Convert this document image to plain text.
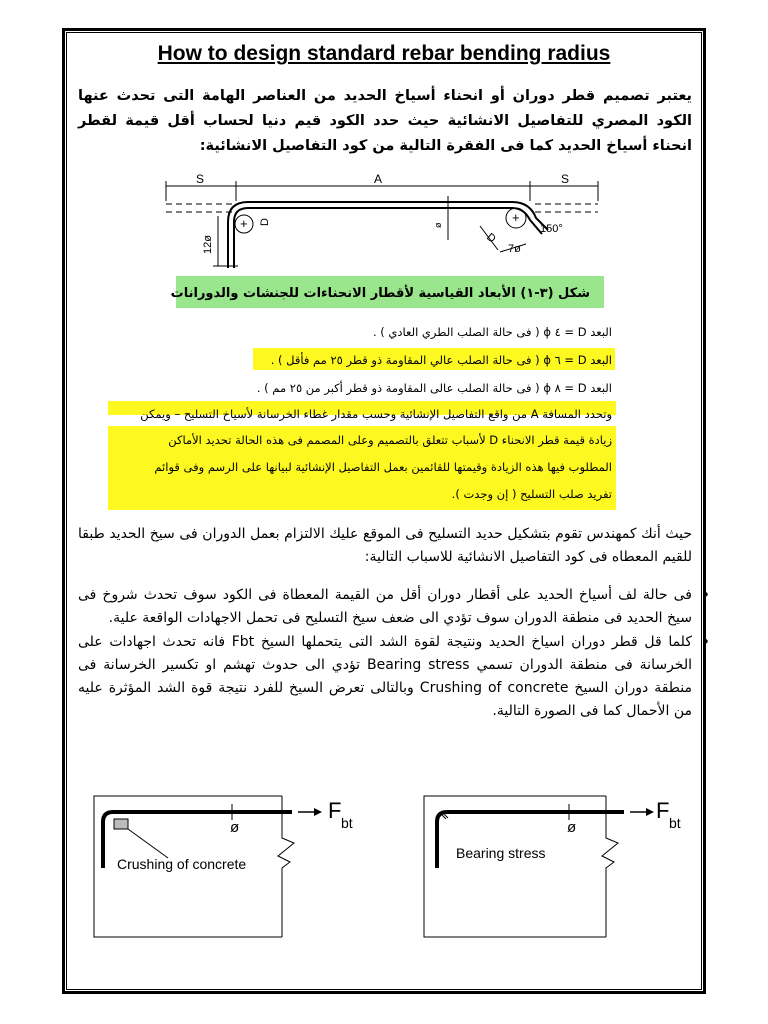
How to design standard rebar bending radius

يعتبر تصميم قطر دوران أو انحناء أسياخ الحديد من العناصر الهامة التى تحدث عنها الكود المصري للتفاصيل الانشائية حيث حدد الكود قيم دنيا لحساب أقل قيمة لقطر انحناء أسياخ الحديد كما فى الفقرة التالية من كود التفاصيل الانشائية:

S	A	S
+	+
D
12ø
ø
D
7ø
150°
شكل (٣-١) الأبعاد القياسية لأقطار الانحناءات للجنشات والدورانات
البعد D = ٤ ϕ ( فى حالة الصلب الطري العادي ) .
البعد D = ٦ ϕ ( فى حالة الصلب عالي المقاومة ذو قطر ٢٥ مم فأقل ) .
البعد D = ٨ ϕ ( فى حالة الصلب عالى المقاومة ذو قطر أكبر من ٢٥ مم ) .
وتحدد المسافة A من واقع التفاصيل الإنشائية وحسب مقدار غطاء الخرسانة لأسياخ التسليح – ويمكن
زيادة قيمة قطر الانحناء D لأسباب تتعلق بالتصميم وعلى المصمم فى هذه الحالة تحديد الأماكن
المطلوب فيها هذه الزيادة وقيمتها للقائمين بعمل التفاصيل الإنشائية لبيانها على الرسم وفى قوائم
تفريد صلب التسليح ( إن وجدت ).
ø
Crushing of concrete
F bt	ø
Bearing stress
F bt

حيث أنك كمهندس تقوم بتشكيل حديد التسليح فى الموقع عليك الالتزام بعمل الدوران فى سيخ الحديد طبقا للقيم المعطاه فى كود التفاصيل الانشائية للاسباب التالية:

• فى حالة لف أسياخ الحديد على أقطار دوران أقل من القيمة المعطاة فى الكود سوف تحدث شروخ فى سيخ الحديد فى منطقة الدوران سوف تؤدي الى ضعف سيخ التسليح فى تحمل الاجهادات الواقعة علية.
• كلما قل قطر دوران اسياخ الحديد ونتيجة لقوة الشد التى يتحملها السيخ Fbt فانه تحدث اجهادات على الخرسانة فى منطقة الدوران تسمي Bearing stress تؤدي الى حدوث تهشم او تكسير الخرسانة فى منطقة دوران السيخ Crushing of concrete وبالتالى تعرض السيخ للفرد نتيجة قوة الشد المؤثرة عليه من الأحمال كما فى الصورة التالية.
